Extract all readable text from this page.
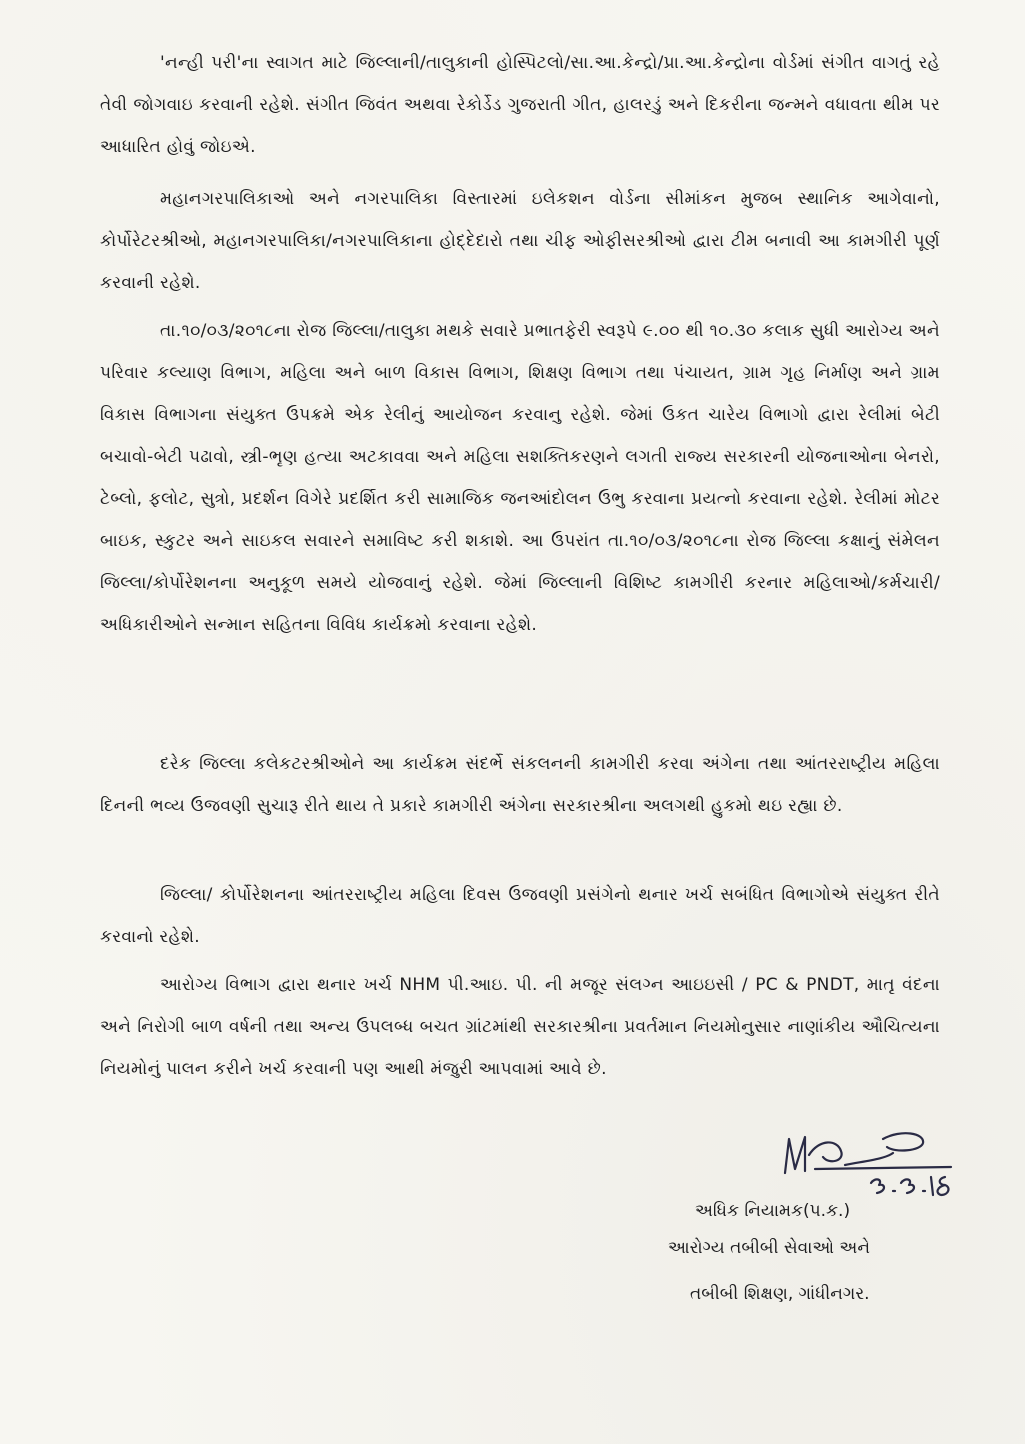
'નન્હી પરી'ના સ્વાગત માટે જિલ્લાની/તાલુકાની હોસ્પિટલો/સા.આ.કેન્દ્રો/પ્રા.આ.કેન્દ્રોના વોર્ડમાં સંગીત વાગતું રહે તેવી જોગવાઇ કરવાની રહેશે. સંગીત જિવંત અથવા રેકોર્ડેડ ગુજરાતી ગીત, હાલરડું અને દિકરીના જન્મને વધાવતા થીમ પર આધારિત હોવું જોઇએ.

મહાનગરપાલિકાઓ અને નગરપાલિકા વિસ્તારમાં ઇલેકશન વોર્ડના સીમાંકન મુજબ સ્થાનિક આગેવાનો, કોર્પોરેટરશ્રીઓ, મહાનગરપાલિકા/નગરપાલિકાના હોદ્દેદારો તથા ચીફ ઓફીસરશ્રીઓ દ્વારા ટીમ બનાવી આ કામગીરી પૂર્ણ કરવાની રહેશે.

તા.૧૦/૦૩/૨૦૧૮ના રોજ જિલ્લા/તાલુકા મથકે સવારે પ્રભાતફેરી સ્વરૂપે ૯.૦૦ થી ૧૦.૩૦ કલાક સુધી આરોગ્ય અને પરિવાર કલ્યાણ વિભાગ, મહિલા અને બાળ વિકાસ વિભાગ, શિક્ષણ વિભાગ તથા પંચાયત, ગ્રામ ગૃહ નિર્માણ અને ગ્રામ વિકાસ વિભાગના સંયુક્ત ઉપક્રમે એક રેલીનું આયોજન કરવાનુ રહેશે. જેમાં ઉકત ચારેય વિભાગો દ્વારા રેલીમાં બેટી બચાવો-બેટી પઢાવો, સ્ત્રી-ભૃણ હત્યા અટકાવવા અને મહિલા સશક્તિકરણને લગતી રાજ્ય સરકારની યોજનાઓના બેનરો, ટેબ્લો, ફલોટ, સુત્રો, પ્રદર્શન વિગેરે પ્રદર્શિત કરી સામાજિક જનઆંદોલન ઉભુ કરવાના પ્રયત્નો કરવાના રહેશે. રેલીમાં મોટર બાઇક, સ્કુટર અને સાઇકલ સવારને સમાવિષ્ટ કરી શકાશે. આ ઉપરાંત તા.૧૦/૦૩/૨૦૧૮ના રોજ જિલ્લા કક્ષાનું સંમેલન જિલ્લા/કોર્પોરેશનના અનુકૂળ સમયે યોજવાનું રહેશે. જેમાં જિલ્લાની વિશિષ્ટ કામગીરી કરનાર મહિલાઓ/કર્મચારી/અધિકારીઓને સન્માન સહિતના વિવિધ કાર્યક્રમો કરવાના રહેશે.

દરેક જિલ્લા કલેકટરશ્રીઓને આ કાર્યક્રમ સંદર્ભે સંકલનની કામગીરી કરવા અંગેના તથા આંતરરાષ્ટ્રીય મહિલા દિનની ભવ્ય ઉજવણી સુચારૂ રીતે થાય તે પ્રકારે કામગીરી અંગેના સરકારશ્રીના અલગથી હુકમો થઇ રહ્યા છે.

જિલ્લા/ કોર્પોરેશનના આંતરરાષ્ટ્રીય મહિલા દિવસ ઉજવણી પ્રસંગેનો થનાર ખર્ચ સબંધિત વિભાગોએ સંયુક્ત રીતે કરવાનો રહેશે.

આરોગ્ય વિભાગ દ્વારા થનાર ખર્ચ NHM પી.આઇ. પી. ની મજૂર સંલગ્ન આઇઇસી / PC & PNDT, માતૃ વંદના અને નિરોગી બાળ વર્ષની તથા અન્ય ઉપલબ્ધ બચત ગ્રાંટમાંથી સરકારશ્રીના પ્રવર્તમાન નિયમોનુસાર નાણાંકીય ઔચિત્યના નિયમોનું પાલન કરીને ખર્ચ કરવાની પણ આથી મંજુરી આપવામાં આવે છે.

અધિક નિયામક(પ.ક.)
આરોગ્ય તબીબી સેવાઓ અને
તબીબી શિક્ષણ, ગાંધીનગર.
